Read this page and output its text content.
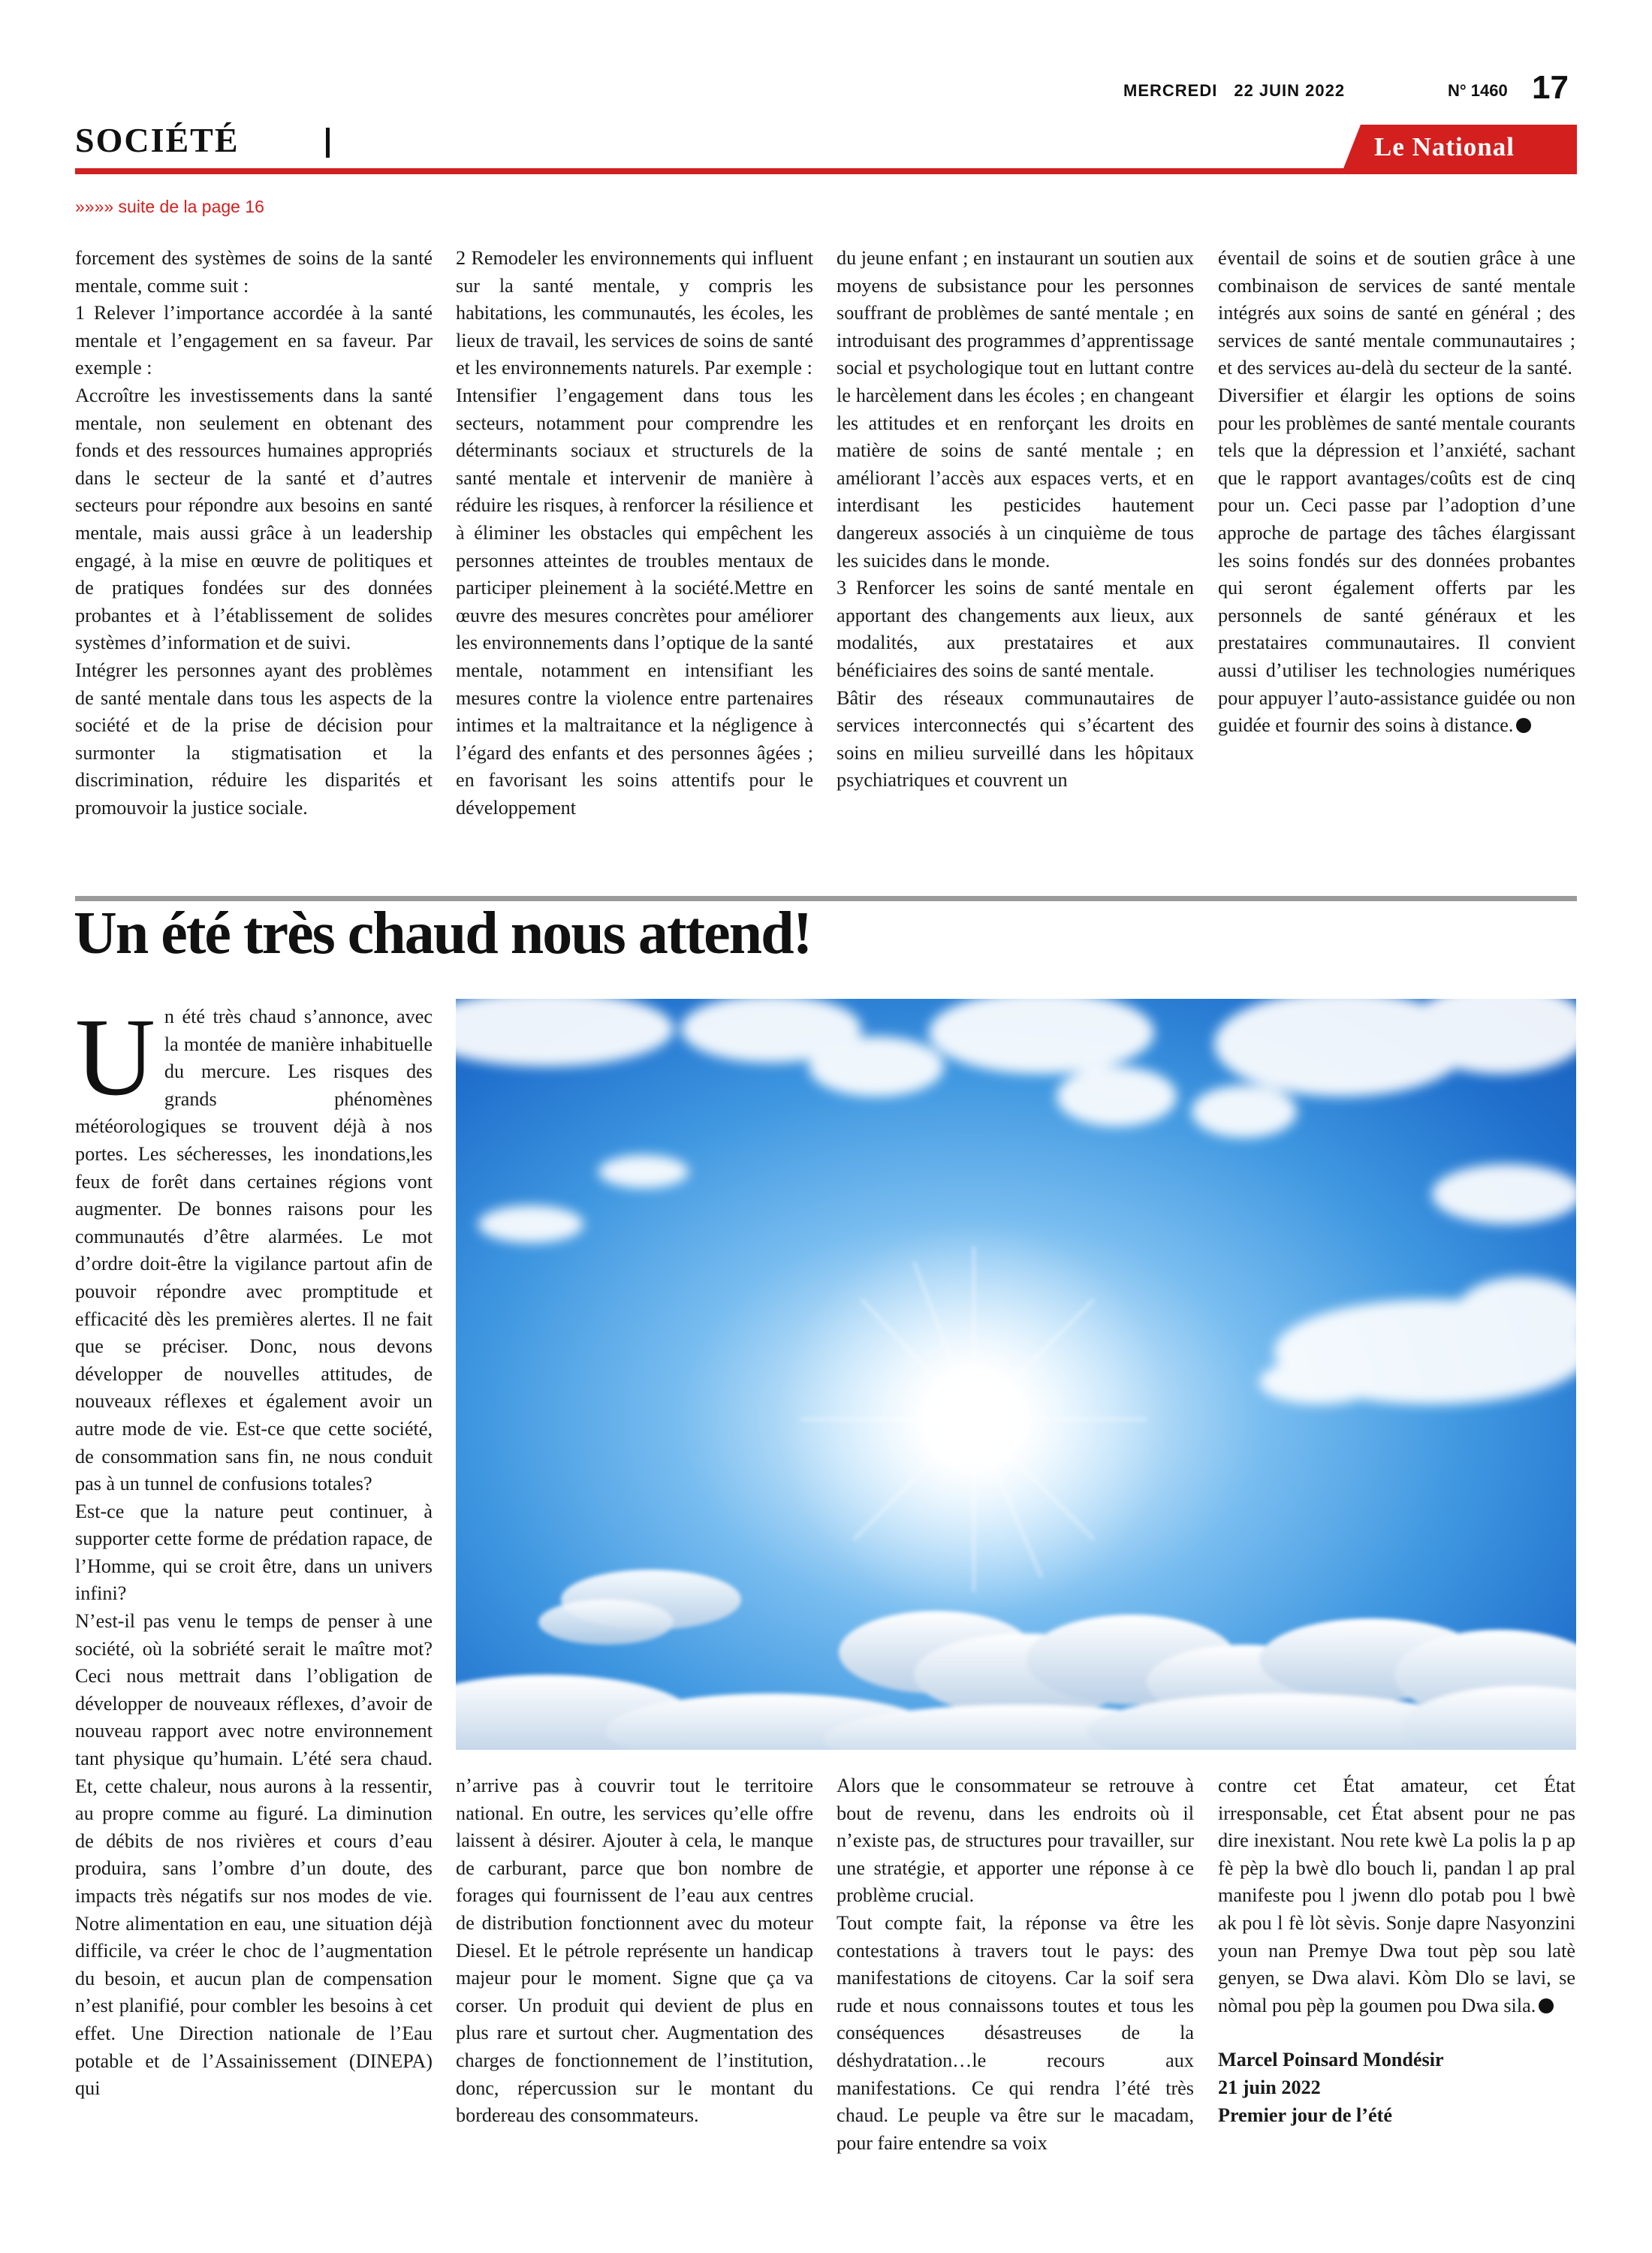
MERCREDI 22 JUIN 2022	N° 1460 17
SOCIÉTÉ	Le National
»»»» suite de la page 16

forcement des systèmes de soins de la santé mentale, comme suit :

1 Relever l’importance accordée à la santé mentale et l’engagement en sa faveur. Par exemple :

Accroître les investissements dans la santé mentale, non seulement en obtenant des fonds et des ressources humaines appropriés dans le secteur de la santé et d’autres secteurs pour répondre aux besoins en santé mentale, mais aussi grâce à un leadership engagé, à la mise en œuvre de politiques et de pratiques fondées sur des données probantes et à l’établissement de solides systèmes d’information et de suivi.

Intégrer les personnes ayant des problèmes de santé mentale dans tous les aspects de la société et de la prise de décision pour surmonter la stigmatisation et la discrimination, réduire les disparités et promouvoir la justice sociale.

2 Remodeler les environnements qui influent sur la santé mentale, y compris les habitations, les communautés, les écoles, les lieux de travail, les services de soins de santé et les environnements naturels. Par exemple :

Intensifier l’engagement dans tous les secteurs, notamment pour comprendre les déterminants sociaux et structurels de la santé mentale et intervenir de manière à réduire les risques, à renforcer la résilience et à éliminer les obstacles qui empêchent les personnes atteintes de troubles mentaux de participer pleinement à la société.Mettre en œuvre des mesures concrètes pour améliorer les environnements dans l’optique de la santé mentale, notamment en intensifiant les mesures contre la violence entre partenaires intimes et la maltraitance et la négligence à l’égard des enfants et des personnes âgées ; en favorisant les soins attentifs pour le développement

du jeune enfant ; en instaurant un soutien aux moyens de subsistance pour les personnes souffrant de problèmes de santé mentale ; en introduisant des programmes d’apprentissage social et psychologique tout en luttant contre le harcèlement dans les écoles ; en changeant les attitudes et en renforçant les droits en matière de soins de santé mentale ; en améliorant l’accès aux espaces verts, et en interdisant les pesticides hautement dangereux associés à un cinquième de tous les suicides dans le monde.

3 Renforcer les soins de santé mentale en apportant des changements aux lieux, aux modalités, aux prestataires et aux bénéficiaires des soins de santé mentale.

Bâtir des réseaux communautaires de services interconnectés qui s’écartent des soins en milieu surveillé dans les hôpitaux psychiatriques et couvrent un

éventail de soins et de soutien grâce à une combinaison de services de santé mentale intégrés aux soins de santé en général ; des services de santé mentale communautaires ; et des services au-delà du secteur de la santé.

Diversifier et élargir les options de soins pour les problèmes de santé mentale courants tels que la dépression et l’anxiété, sachant que le rapport avantages/coûts est de cinq pour un. Ceci passe par l’adoption d’une approche de partage des tâches élargissant les soins fondés sur des données probantes qui seront également offerts par les personnels de santé généraux et les prestataires communautaires. Il convient aussi d’utiliser les technologies numériques pour appuyer l’auto-assistance guidée ou non guidée et fournir des soins à distance.

Un été très chaud nous attend!

Un été très chaud s’annonce, avec la montée de manière inhabituelle du mercure. Les risques des grands phénomènes météorologiques se trouvent déjà à nos portes. Les sécheresses, les inondations,les feux de forêt dans certaines régions vont augmenter. De bonnes raisons pour les communautés d’être alarmées. Le mot d’ordre doit-être la vigilance partout afin de pouvoir répondre avec promptitude et efficacité dès les premières alertes. Il ne fait que se préciser. Donc, nous devons développer de nouvelles attitudes, de nouveaux réflexes et également avoir un autre mode de vie. Est-ce que cette société, de consommation sans fin, ne nous conduit pas à un tunnel de confusions totales?

Est-ce que la nature peut continuer, à supporter cette forme de prédation rapace, de l’Homme, qui se croit être, dans un univers infini?

N’est-il pas venu le temps de penser à une société, où la sobriété serait le maître mot? Ceci nous mettrait dans l’obligation de développer de nouveaux réflexes, d’avoir de nouveau rapport avec notre environnement tant physique qu’humain. L’été sera chaud. Et, cette chaleur, nous aurons à la ressentir, au propre comme au figuré. La diminution de débits de nos rivières et cours d’eau produira, sans l’ombre d’un doute, des impacts très négatifs sur nos modes de vie. Notre alimentation en eau, une situation déjà difficile, va créer le choc de l’augmentation du besoin, et aucun plan de compensation n’est planifié, pour combler les besoins à cet effet. Une Direction nationale de l’Eau potable et de l’Assainissement (DINEPA) qui

n’arrive pas à couvrir tout le territoire national. En outre, les services qu’elle offre laissent à désirer. Ajouter à cela, le manque de carburant, parce que bon nombre de forages qui fournissent de l’eau aux centres de distribution fonctionnent avec du moteur Diesel. Et le pétrole représente un handicap majeur pour le moment. Signe que ça va corser. Un produit qui devient de plus en plus rare et surtout cher. Augmentation des charges de fonctionnement de l’institution, donc, répercussion sur le montant du bordereau des consommateurs.

Alors que le consommateur se retrouve à bout de revenu, dans les endroits où il n’existe pas, de structures pour travailler, sur une stratégie, et apporter une réponse à ce problème crucial.

Tout compte fait, la réponse va être les contestations à travers tout le pays: des manifestations de citoyens. Car la soif sera rude et nous connaissons toutes et tous les conséquences désastreuses de la déshydratation…le recours aux manifestations. Ce qui rendra l’été très chaud. Le peuple va être sur le macadam, pour faire entendre sa voix

contre cet État amateur, cet État irresponsable, cet État absent pour ne pas dire inexistant. Nou rete kwè La polis la p ap fè pèp la bwè dlo bouch li, pandan l ap pral manifeste pou l jwenn dlo potab pou l bwè ak pou l fè lòt sèvis. Sonje dapre Nasyonzini youn nan Premye Dwa tout pèp sou latè genyen, se Dwa alavi. Kòm Dlo se lavi, se nòmal pou pèp la goumen pou Dwa sila.

Marcel Poinsard Mondésir

21 juin 2022

Premier jour de l’été
